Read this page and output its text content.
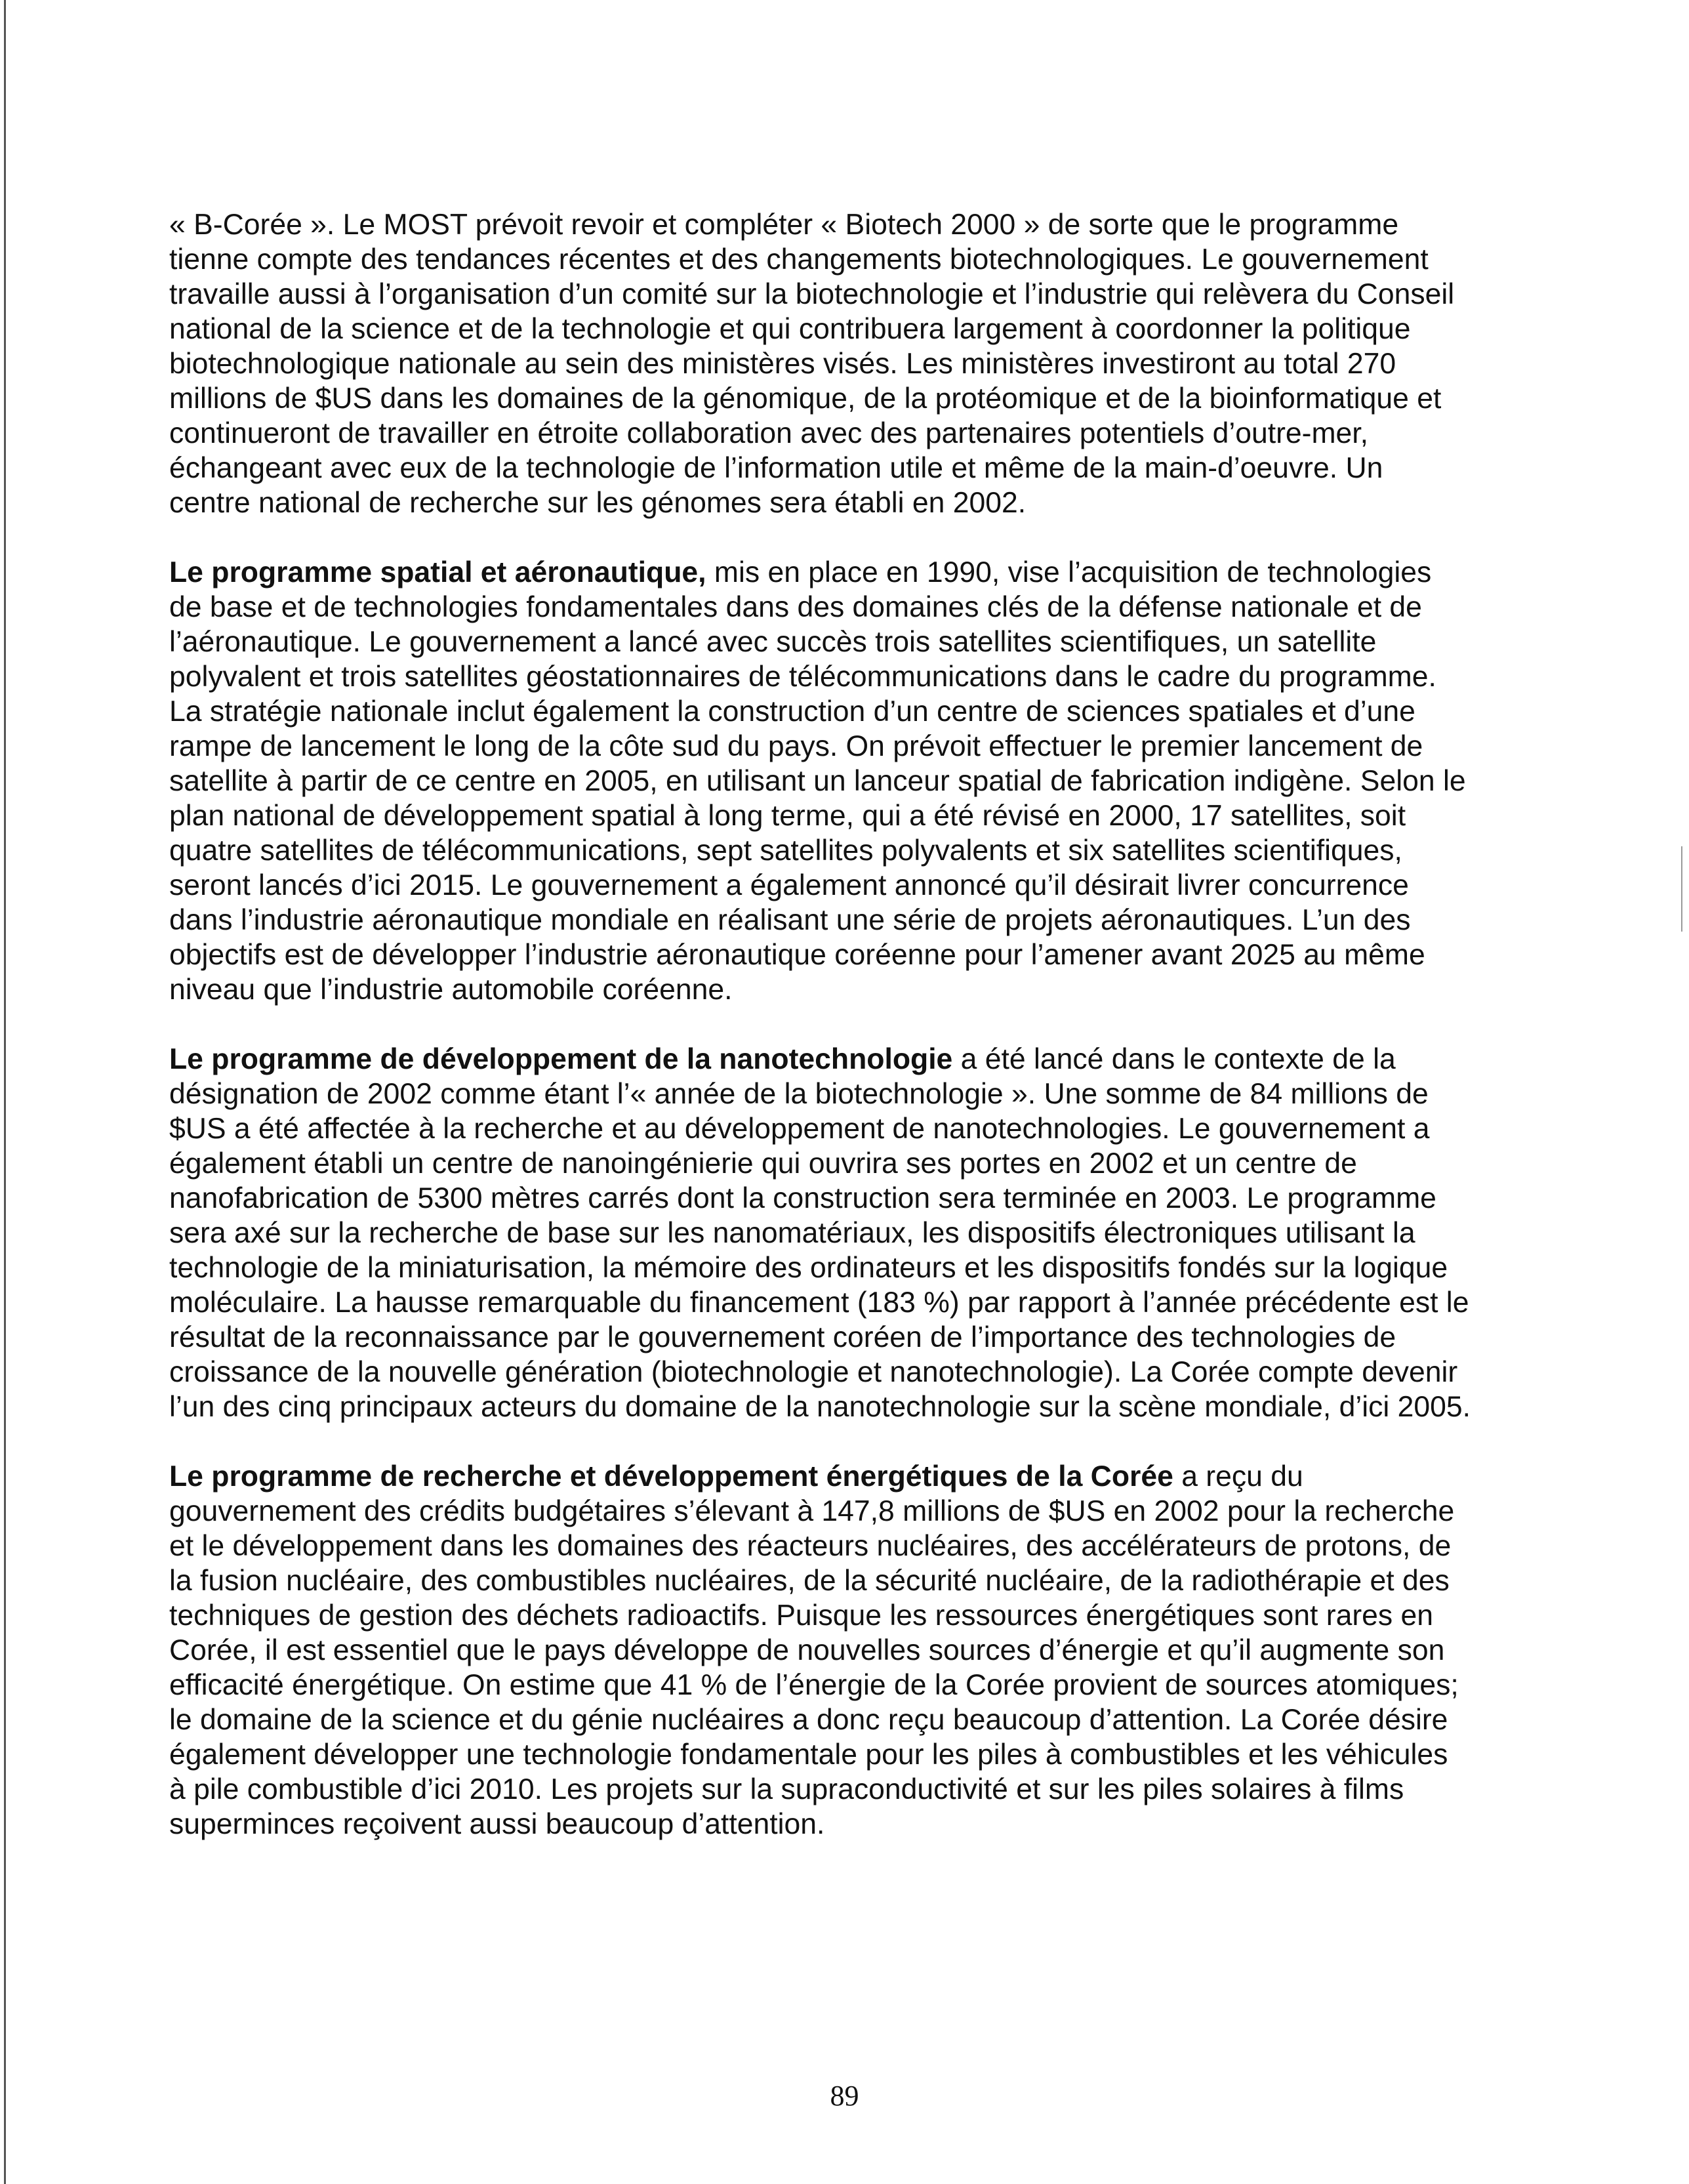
« B-Corée ». Le MOST prévoit revoir et compléter « Biotech 2000 » de sorte que le programme tienne compte des tendances récentes et des changements biotechnologiques. Le gouvernement travaille aussi à l’organisation d’un comité sur la biotechnologie et l’industrie qui relèvera du Conseil national de la science et de la technologie et qui contribuera largement à coordonner la politique biotechnologique nationale au sein des ministères visés. Les ministères investiront au total 270 millions de $US dans les domaines de la génomique, de la protéomique et de la bioinformatique et continueront de travailler en étroite collaboration avec des partenaires potentiels d’outre-mer, échangeant avec eux de la technologie de l’information utile et même de la main-d’oeuvre. Un centre national de recherche sur les génomes sera établi en 2002.

Le programme spatial et aéronautique, mis en place en 1990, vise l’acquisition de technologies de base et de technologies fondamentales dans des domaines clés de la défense nationale et de l’aéronautique. Le gouvernement a lancé avec succès trois satellites scientifiques, un satellite polyvalent et trois satellites géostationnaires de télécommunications dans le cadre du programme. La stratégie nationale inclut également la construction d’un centre de sciences spatiales et d’une rampe de lancement le long de la côte sud du pays. On prévoit effectuer le premier lancement de satellite à partir de ce centre en 2005, en utilisant un lanceur spatial de fabrication indigène. Selon le plan national de développement spatial à long terme, qui a été révisé en 2000, 17 satellites, soit quatre satellites de télécommunications, sept satellites polyvalents et six satellites scientifiques, seront lancés d’ici 2015. Le gouvernement a également annoncé qu’il désirait livrer concurrence dans l’industrie aéronautique mondiale en réalisant une série de projets aéronautiques. L’un des objectifs est de développer l’industrie aéronautique coréenne pour l’amener avant 2025 au même niveau que l’industrie automobile coréenne.

Le programme de développement de la nanotechnologie a été lancé dans le contexte de la désignation de 2002 comme étant l’« année de la biotechnologie ». Une somme de 84 millions de $US a été affectée à la recherche et au développement de nanotechnologies. Le gouvernement a également établi un centre de nanoingénierie qui ouvrira ses portes en 2002 et un centre de nanofabrication de 5300 mètres carrés dont la construction sera terminée en 2003. Le programme sera axé sur la recherche de base sur les nanomatériaux, les dispositifs électroniques utilisant la technologie de la miniaturisation, la mémoire des ordinateurs et les dispositifs fondés sur la logique moléculaire. La hausse remarquable du financement (183 %) par rapport à l’année précédente est le résultat de la reconnaissance par le gouvernement coréen de l’importance des technologies de croissance de la nouvelle génération (biotechnologie et nanotechnologie). La Corée compte devenir l’un des cinq principaux acteurs du domaine de la nanotechnologie sur la scène mondiale, d’ici 2005.

Le programme de recherche et développement énergétiques de la Corée a reçu du gouvernement des crédits budgétaires s’élevant à 147,8 millions de $US en 2002 pour la recherche et le développement dans les domaines des réacteurs nucléaires, des accélérateurs de protons, de la fusion nucléaire, des combustibles nucléaires, de la sécurité nucléaire, de la radiothérapie et des techniques de gestion des déchets radioactifs. Puisque les ressources énergétiques sont rares en Corée, il est essentiel que le pays développe de nouvelles sources d’énergie et qu’il augmente son efficacité énergétique. On estime que 41 % de l’énergie de la Corée provient de sources atomiques; le domaine de la science et du génie nucléaires a donc reçu beaucoup d’attention. La Corée désire également développer une technologie fondamentale pour les piles à combustibles et les véhicules à pile combustible d’ici 2010. Les projets sur la supraconductivité et sur les piles solaires à films superminces reçoivent aussi beaucoup d’attention.

89
